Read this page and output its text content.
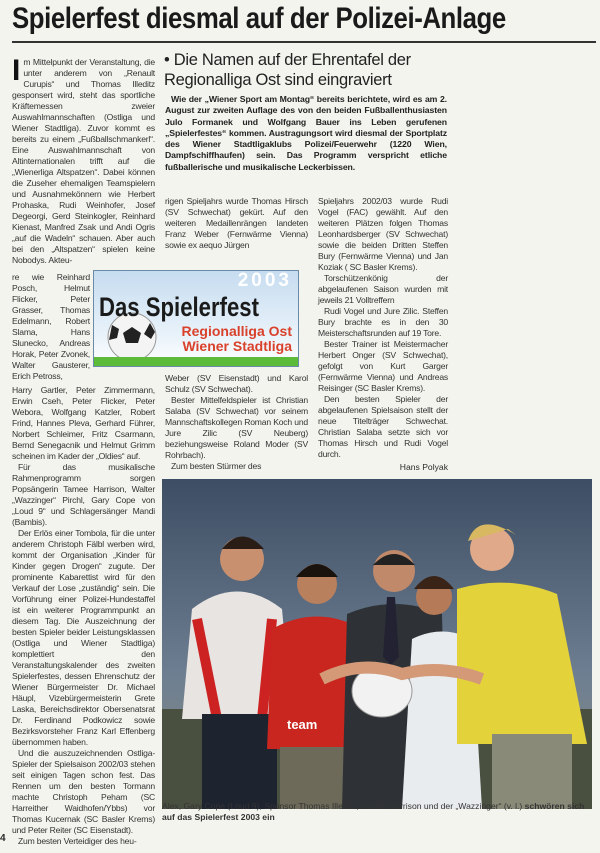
Spielerfest diesmal auf der Polizei-Anlage

Im Mittelpunkt der Veranstaltung, die unter anderem von „Renault Curupis“ und Thomas Illeditz gesponsert wird, steht das sportliche Kräftemessen zweier Auswahlmannschaften (Ostliga und Wiener Stadtliga). Zuvor kommt es bereits zu einem „Fußballschmankerl“. Eine Auswahlmannschaft von Altinternationalen trifft auf die „Wienerliga Altspatzen“. Dabei können die Zuseher ehemaligen Teamspielern und Ausnahmekönnern wie Herbert Prohaska, Rudi Weinhofer, Josef Degeorgi, Gerd Steinkogler, Reinhard Kienast, Manfred Zsak und Andi Ogris „auf die Wadeln“ schauen. Aber auch bei den „Altspatzen“ spielen keine Nobodys. Akteu-

re wie Reinhard Posch, Helmut Flicker, Peter Grasser, Thomas Edelmann, Robert Slama, Hans Slunecko, Andreas Horak, Peter Zvonek, Walter Gausterer, Erich Petross,

Harry Gartler, Peter Zimmermann, Erwin Cseh, Peter Flicker, Peter Webora, Wolfgang Katzler, Robert Frind, Hannes Pleva, Gerhard Führer, Norbert Schleimer, Fritz Csarmann, Bernd Senegacnik und Helmut Grimm scheinen im Kader der „Oldies“ auf.

Für das musikalische Rahmenprogramm sorgen Popsängerin Tamee Harrison, Walter „Wazzinger“ Pirchl, Gary Cope von „Loud 9“ und Schlagersänger Mandi (Bambis).

Der Erlös einer Tombola, für die unter anderem Christoph Fälbl werben wird, kommt der Organisation „Kinder für Kinder gegen Drogen“ zugute. Der prominente Kabarettist wird für den Verkauf der Lose „zuständig“ sein. Die Vorführung einer Polizei-Hundestaffel ist ein weiterer Programmpunkt an diesem Tag. Die Auszeichnung der besten Spieler beider Leistungsklassen (Ostliga und Wiener Stadtliga) komplettiert den Veranstaltungskalender des zweiten Spielerfestes, dessen Ehrenschutz der Wiener Bürgermeister Dr. Michael Häupl, Vizebürgermeisterin Grete Laska, Bereichsdirektor Obersenatsrat Dr. Ferdinand Podkowicz sowie Bezirksvorsteher Franz Karl Effenberg übernommen haben.

Und die auszuzeichnenden Ostliga-Spieler der Spielsaison 2002/03 stehen seit einigen Tagen schon fest. Das Rennen um den besten Tormann machte Christoph Peham (SC Harreither Waidhofen/Ybbs) vor Thomas Kucernak (SC Basler Krems) und Peter Reiter (SC Eisenstadt).

Zum besten Verteidiger des heu-

4
• Die Namen auf der Ehrentafel der Regionalliga Ost sind eingraviert
Wie der „Wiener Sport am Montag“ bereits berichtete, wird es am 2. August zur zweiten Auflage des von den beiden Fußballenthusiasten Julo Formanek und Wolfgang Bauer ins Leben gerufenen „Spielerfestes“ kommen. Austragungsort wird diesmal der Sportplatz des Wiener Stadtligaklubs Polizei/Feuerwehr (1220 Wien, Dampfschiffhaufen) sein. Das Programm verspricht etliche fußballerische und musikalische Leckerbissen.

rigen Spieljahrs wurde Thomas Hirsch (SV Schwechat) gekürt. Auf den weiteren Medaillenrängen landeten Franz Weber (Fernwärme Vienna) sowie ex aequo Jürgen

Weber (SV Eisenstadt) und Karol Schulz (SV Schwechat).

Bester Mittelfeldspieler ist Christian Salaba (SV Schwechat) vor seinem Mannschaftskollegen Roman Koch und Jure Zilic (SV Neuberg) beziehungsweise Roland Moder (SV Rohrbach).

Zum besten Stürmer des

Spieljahrs 2002/03 wurde Rudi Vogel (FAC) gewählt. Auf den weiteren Plätzen folgen Thomas Leonhardsberger (SV Schwechat) sowie die beiden Dritten Steffen Bury (Fernwärme Vienna) und Jan Koziak ( SC Basler Krems).

Torschützenkönig der abgelaufenen Saison wurden mit jeweils 21 Volltreffern

Rudi Vogel und Jure Zilic. Steffen Bury brachte es in den 30 Meisterschaftsrunden auf 19 Tore.

Bester Trainer ist Meistermacher Herbert Onger (SV Schwechat), gefolgt von Kurt Garger (Fernwärme Vienna) und Andreas Reisinger (SC Basler Krems).

Den besten Spieler der abgelaufenen Spielsaison stellt der neue Titelträger Schwechat. Christian Salaba setzte sich vor Thomas Hirsch und Rudi Vogel durch.

Hans Polyak
2003
Das Spielerfest
Regionalliga Ost
Wiener Stadtliga
team
Alex, Gary Cope (Loud 9), Sponsor Thomas Illeditz, Tamee Harrison und der „Wazzinger“ (v. l.) schwören sich auf das Spielerfest 2003 ein
